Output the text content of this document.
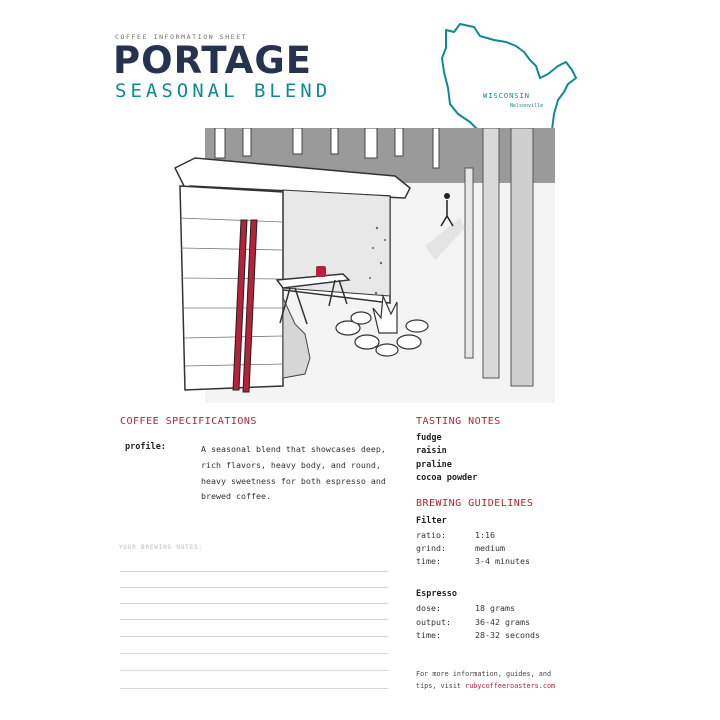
COFFEE INFORMATION SHEET
PORTAGE
SEASONAL BLEND	WISCONSIN
Nelsonville
COFFEE SPECIFICATIONS
profile:	A seasonal blend that showcases deep, rich flavors, heavy body, and round, heavy sweetness for both espresso and brewed coffee.
YOUR BREWING NOTES:
TASTING NOTES
fudge
raisin
praline
cocoa powder
BREWING GUIDELINES
Filter
ratio:	1:16
grind:	medium
time:	3-4 minutes
Espresso
dose:	18 grams
output:	36-42 grams
time:	28-32 seconds
For more information, guides, and
tips, visit rubycoffeeroasters.com
